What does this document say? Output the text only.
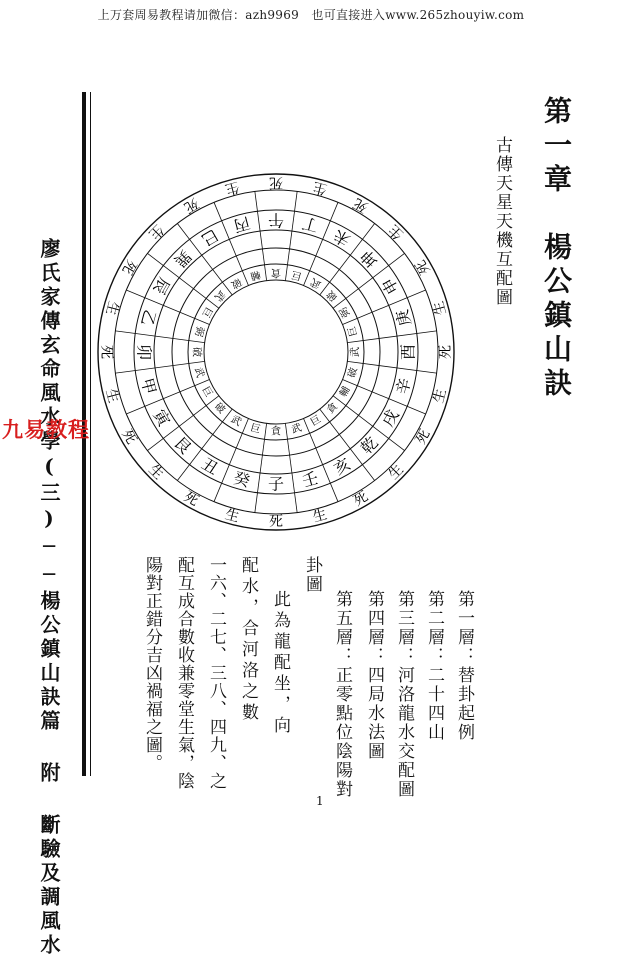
上万套周易教程请加微信：azh9969　也可直接进入www.265zhouyiw.com
第一章　楊公鎮山訣
古傳天星天機互配圖
廖氏家傳玄命風水學(三)──楊公鎮山訣篇 附 斷驗及調風水
九易教程	貪
巨
武
破
巨
武
破
弼
巨
武
破
輔 貪 巨
武
破
弼
巨
武
破
輔
貪
巨
武
子
癸
丑
艮
寅
甲
卯
乙
辰
巽
巳
丙 午 丁
未
坤
申
庚
酉
辛
戌
乾
亥
壬
死
生
死
生
死
生
死
生
死
生
死
生 死 生
死
生
死
生
死
生
死
生
死
生
第一層：替卦起例
第二層：二十四山
第三層：河洛龍水交配圖
第四層：四局水法圖
第五層：正零點位陰陽對
卦圖
此為龍配坐，向
配水，合河洛之數
一六、二七、三八、四九、之
配互成合數收兼零堂生氣，陰
陽對正錯分吉凶禍福之圖。
1
